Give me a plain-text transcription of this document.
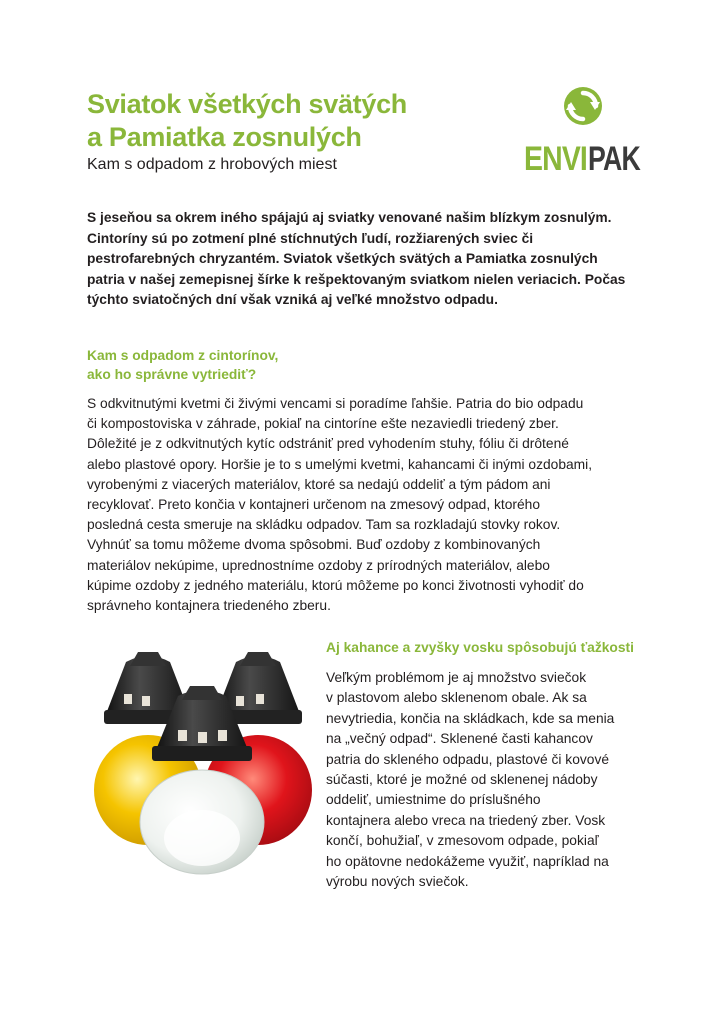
Sviatok všetkých svätých
a Pamiatka zosnulých
Kam s odpadom z hrobových miest	ENVI PAK

S jeseňou sa okrem iného spájajú aj sviatky venované našim blízkym zosnulým.
Cintoríny sú po zotmení plné stíchnutých ľudí, rozžiarených sviec či
pestrofarebných chryzantém. Sviatok všetkých svätých a Pamiatka zosnulých
patria v našej zemepisnej šírke k rešpektovaným sviatkom nielen veriacich. Počas
týchto sviatočných dní však vzniká aj veľké množstvo odpadu.

Kam s odpadom z cintorínov,
ako ho správne vytriediť?

S odkvitnutými kvetmi či živými vencami si poradíme ľahšie. Patria do bio odpadu
či kompostoviska v záhrade, pokiaľ na cintoríne ešte nezaviedli triedený zber.
Dôležité je z odkvitnutých kytíc odstrániť pred vyhodením stuhy, fóliu či drôtené
alebo plastové opory. Horšie je to s umelými kvetmi, kahancami či inými ozdobami,
vyrobenými z viacerých materiálov, ktoré sa nedajú oddeliť a tým pádom ani
recyklovať. Preto končia v kontajneri určenom na zmesový odpad, ktorého
posledná cesta smeruje na skládku odpadov. Tam sa rozkladajú stovky rokov.
Vyhnúť sa tomu môžeme dvoma spôsobmi. Buď ozdoby z kombinovaných
materiálov nekúpime, uprednostníme ozdoby z prírodných materiálov, alebo
kúpime ozdoby z jedného materiálu, ktorú môžeme po konci životnosti vyhodiť do
správneho kontajnera triedeného zberu.

Aj kahance a zvyšky vosku spôsobujú ťažkosti

Veľkým problémom je aj množstvo sviečok
v plastovom alebo sklenenom obale. Ak sa
nevytriedia, končia na skládkach, kde sa menia
na „večný odpad“. Sklenené časti kahancov
patria do skleného odpadu, plastové či kovové
súčasti, ktoré je možné od sklenenej nádoby
oddeliť, umiestnime do príslušného
kontajnera alebo vreca na triedený zber. Vosk
končí, bohužiaľ, v zmesovom odpade, pokiaľ
ho opätovne nedokážeme využiť, napríklad na
výrobu nových sviečok.
